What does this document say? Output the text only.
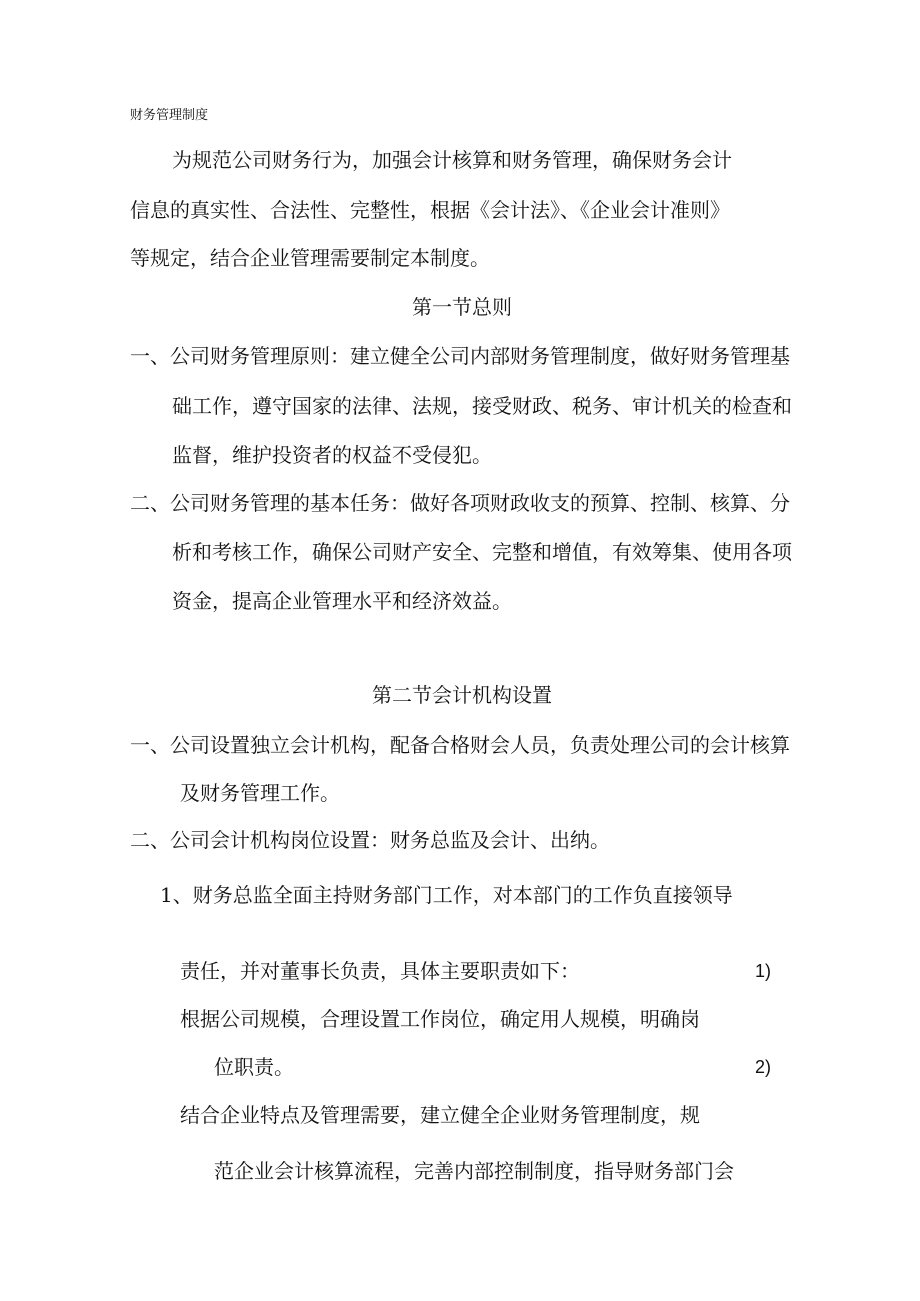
财务管理制度
为规范公司财务行为，加强会计核算和财务管理，确保财务会计
信息的真实性、合法性、完整性，根据《会计法》、《企业会计准则》
等规定，结合企业管理需要制定本制度。
第一节总则
一、公司财务管理原则：建立健全公司内部财务管理制度，做好财务管理基
础工作，遵守国家的法律、法规，接受财政、税务、审计机关的检查和
监督，维护投资者的权益不受侵犯。
二、公司财务管理的基本任务：做好各项财政收支的预算、控制、核算、分
析和考核工作，确保公司财产安全、完整和增值，有效筹集、使用各项
资金，提高企业管理水平和经济效益。
第二节会计机构设置
一、公司设置独立会计机构，配备合格财会人员，负责处理公司的会计核算
及财务管理工作。
二、公司会计机构岗位设置：财务总监及会计、出纳。
1、财务总监全面主持财务部门工作，对本部门的工作负直接领导
责任，并对董事长负责，具体主要职责如下：	1)
根据公司规模，合理设置工作岗位，确定用人规模，明确岗
位职责。	2)
结合企业特点及管理需要，建立健全企业财务管理制度，规
范企业会计核算流程，完善内部控制制度，指导财务部门会
